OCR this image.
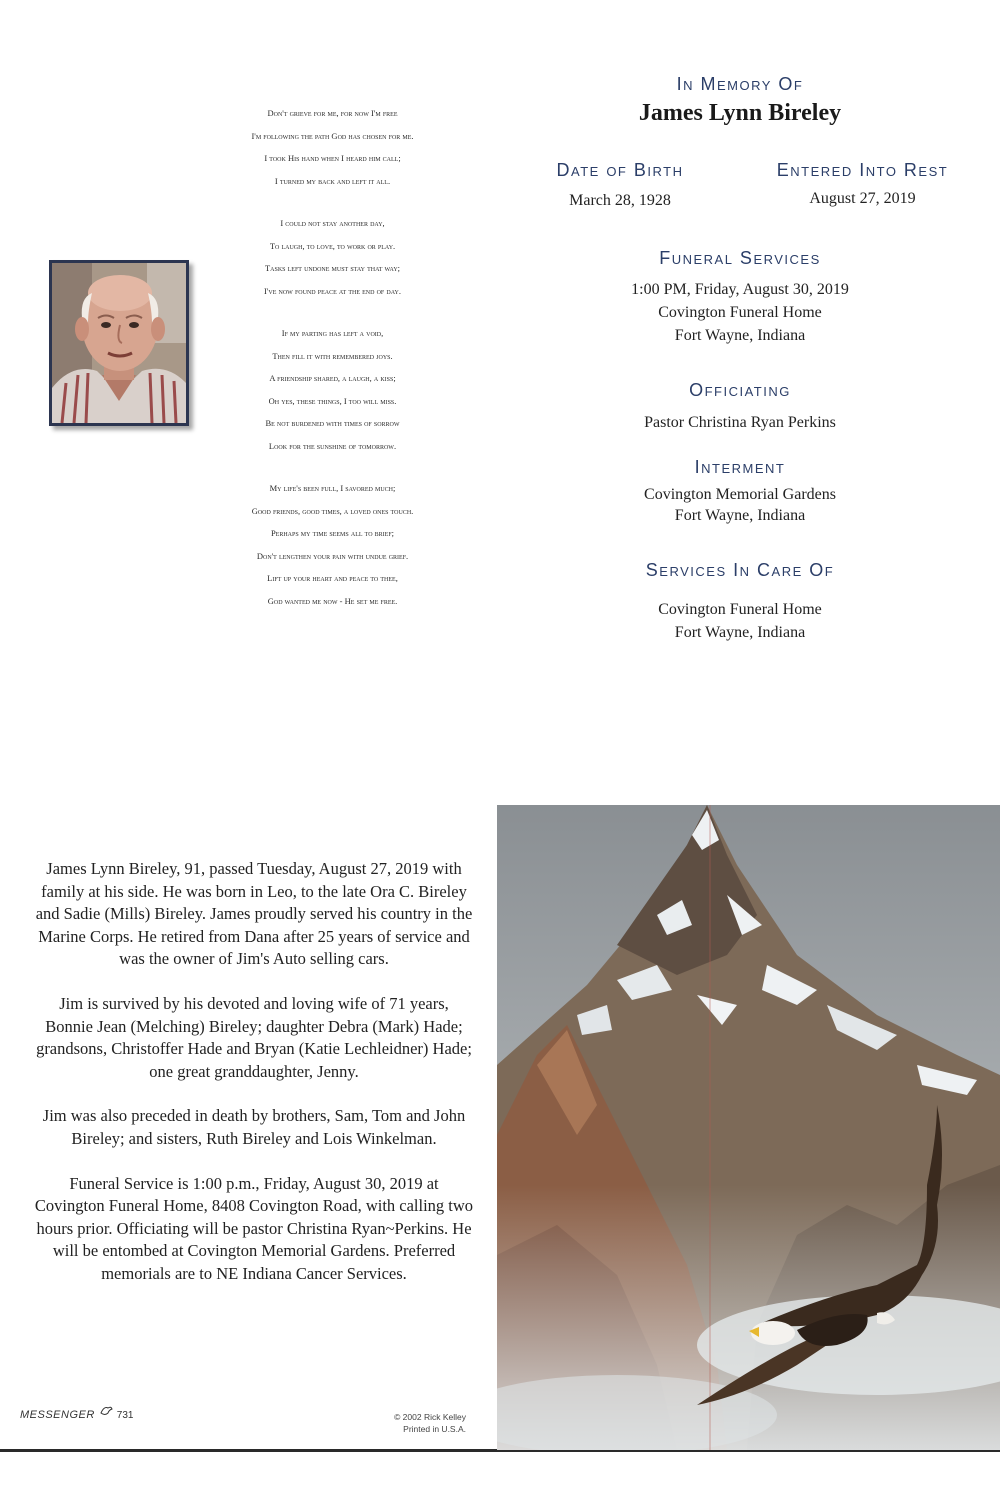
Don't grieve for me, for now I'm free
I'm following the path God has chosen for me.
I took His hand when I heard him call;
I turned my back and left it all.
I could not stay another day,
To laugh, to love, to work or play.
Tasks left undone must stay that way;
I've now found peace at the end of day.
If my parting has left a void,
Then fill it with remembered joys.
A friendship shared, a laugh, a kiss;
Oh yes, these things, I too will miss.
Be not burdened with times of sorrow
Look for the sunshine of tomorrow.
My life's been full, I savored much;
Good friends, good times, a loved ones touch.
Perhaps my time seems all to brief;
Don't lengthen your pain with undue grief.
Lift up your heart and peace to thee,
God wanted me now - He set me free.
In Memory Of
James Lynn Bireley
Date of Birth
March 28, 1928
Entered Into Rest
August 27, 2019
Funeral Services
1:00 PM, Friday, August 30, 2019
Covington Funeral Home
Fort Wayne, Indiana
Officiating
Pastor Christina Ryan Perkins
Interment
Covington Memorial Gardens
Fort Wayne, Indiana
Services In Care Of
Covington Funeral Home
Fort Wayne, Indiana

James Lynn Bireley, 91, passed Tuesday, August 27, 2019 with family at his side. He was born in Leo, to the late Ora C. Bireley and Sadie (Mills) Bireley. James proudly served his country in the Marine Corps. He retired from Dana after 25 years of service and was the owner of Jim's Auto selling cars.

Jim is survived by his devoted and loving wife of 71 years, Bonnie Jean (Melching) Bireley; daughter Debra (Mark) Hade; grandsons, Christoffer Hade and Bryan (Katie Lechleidner) Hade; one great granddaughter, Jenny.

Jim was also preceded in death by brothers, Sam, Tom and John Bireley; and sisters, Ruth Bireley and Lois Winkelman.

Funeral Service is 1:00 p.m., Friday, August 30, 2019 at Covington Funeral Home, 8408 Covington Road, with calling two hours prior. Officiating will be pastor Christina Ryan~Perkins. He will be entombed at Covington Memorial Gardens. Preferred memorials are to NE Indiana Cancer Services.

MESSENGER 731	© 2002 Rick Kelley
Printed in U.S.A.
